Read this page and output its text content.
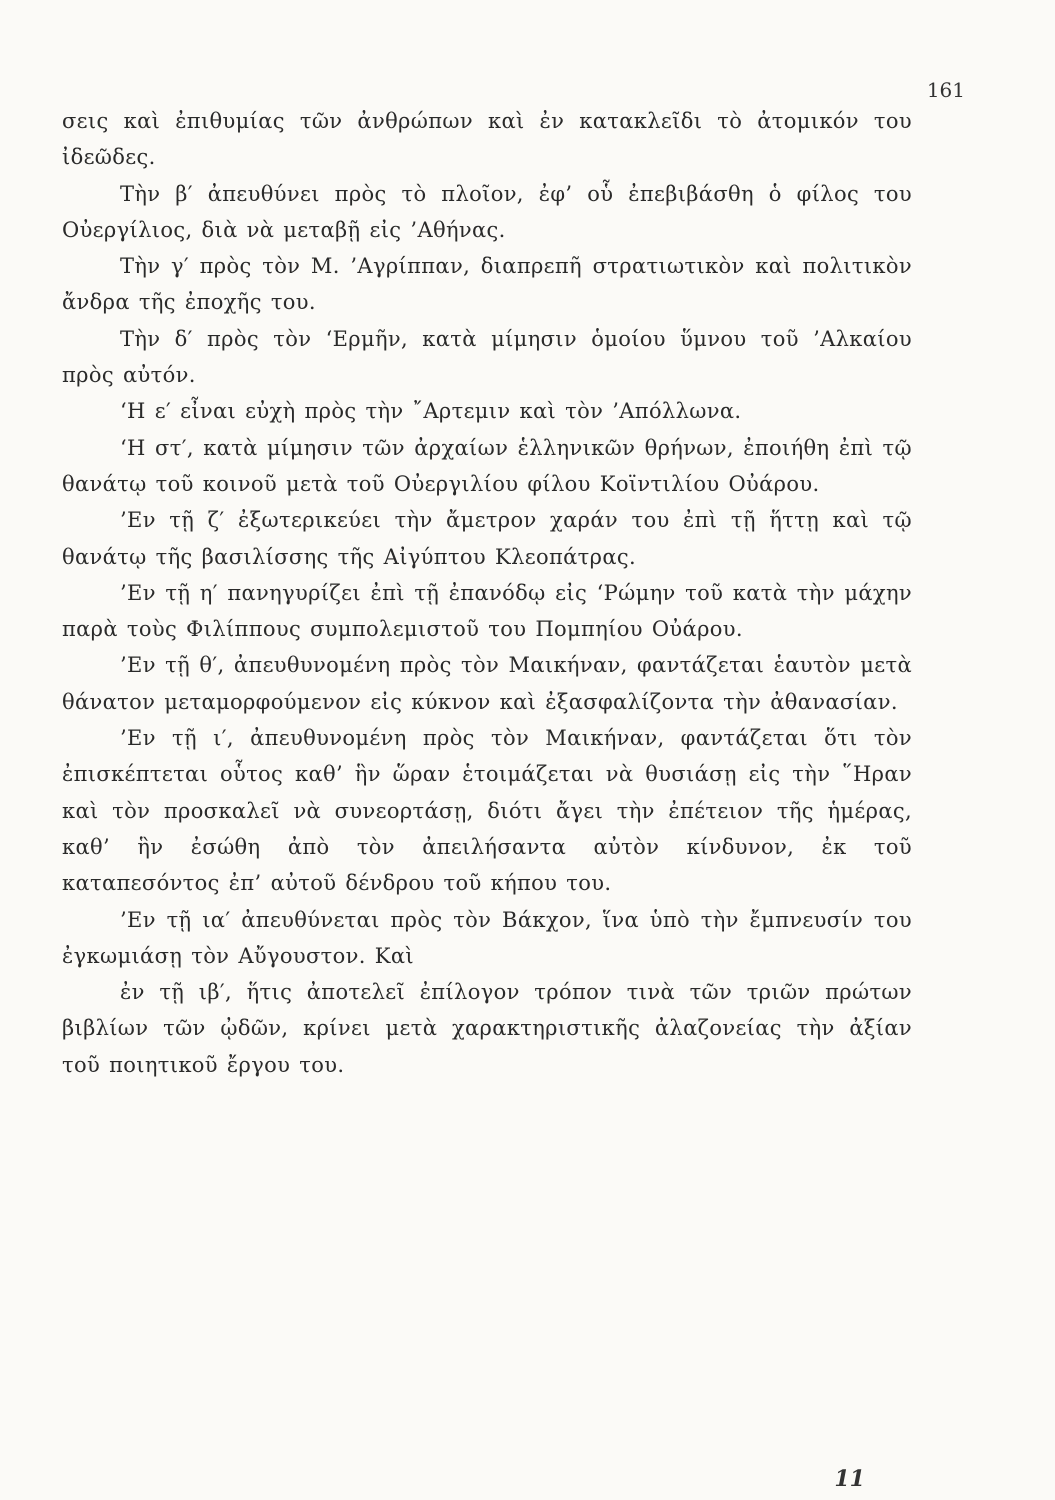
161

σεις καὶ ἐπιθυμίας τῶν ἀνθρώπων καὶ ἐν κατακλεῖδι τὸ ἀτομικόν του ἰδεῶδες.

Τὴν β′ ἀπευθύνει πρὸς τὸ πλοῖον, ἐφ’ οὗ ἐπεβιβάσθη ὁ φίλος του Οὐεργίλιος, διὰ νὰ μεταβῇ εἰς ’Αθήνας.

Τὴν γ′ πρὸς τὸν Μ. ’Αγρίππαν, διαπρεπῆ στρατιωτικὸν καὶ πολιτικὸν ἄνδρα τῆς ἐποχῆς του.

Τὴν δ′ πρὸς τὸν ‘Ερμῆν, κατὰ μίμησιν ὁμοίου ὕμνου τοῦ ’Αλκαίου πρὸς αὐτόν.

‘Η ε′ εἶναι εὐχὴ πρὸς τὴν ῎Αρτεμιν καὶ τὸν ’Απόλλωνα.

‘Η στ′, κατὰ μίμησιν τῶν ἀρχαίων ἑλληνικῶν θρήνων, ἐποιήθη ἐπὶ τῷ θανάτῳ τοῦ κοινοῦ μετὰ τοῦ Οὐεργιλίου φίλου Κοϊντιλίου Οὐάρου.

’Εν τῇ ζ′ ἐξωτερικεύει τὴν ἄμετρον χαράν του ἐπὶ τῇ ἥττῃ καὶ τῷ θανάτῳ τῆς βασιλίσσης τῆς Αἰγύπτου Κλεοπάτρας.

’Εν τῇ η′ πανηγυρίζει ἐπὶ τῇ ἐπανόδῳ εἰς ‘Ρώμην τοῦ κατὰ τὴν μάχην παρὰ τοὺς Φιλίππους συμπολεμιστοῦ του Πομπηίου Οὐάρου.

’Εν τῇ θ′, ἀπευθυνομένη πρὸς τὸν Μαικήναν, φαντάζεται ἑαυτὸν μετὰ θάνατον μεταμορφούμενον εἰς κύκνον καὶ ἐξασφαλίζοντα τὴν ἀθανασίαν.

’Εν τῇ ι′, ἀπευθυνομένη πρὸς τὸν Μαικήναν, φαντάζεται ὅτι τὸν ἐπισκέπτεται οὗτος καθ’ ἣν ὥραν ἑτοιμάζεται νὰ θυσιάσῃ εἰς τὴν ῞Ηραν καὶ τὸν προσκαλεῖ νὰ συνεορτάσῃ, διότι ἄγει τὴν ἐπέτειον τῆς ἡμέρας, καθ’ ἣν ἐσώθη ἀπὸ τὸν ἀπειλήσαντα αὐτὸν κίνδυνον, ἐκ τοῦ καταπεσόντος ἐπ’ αὐτοῦ δένδρου τοῦ κήπου του.

’Εν τῇ ια′ ἀπευθύνεται πρὸς τὸν Βάκχον, ἵνα ὑπὸ τὴν ἔμπνευσίν του ἐγκωμιάσῃ τὸν Αὔγουστον. Καὶ

ἐν τῇ ιβ′, ἥτις ἀποτελεῖ ἐπίλογον τρόπον τινὰ τῶν τριῶν πρώτων βιβλίων τῶν ᾠδῶν, κρίνει μετὰ χαρακτηριστικῆς ἀλαζονείας τὴν ἀξίαν τοῦ ποιητικοῦ ἔργου του.

11
